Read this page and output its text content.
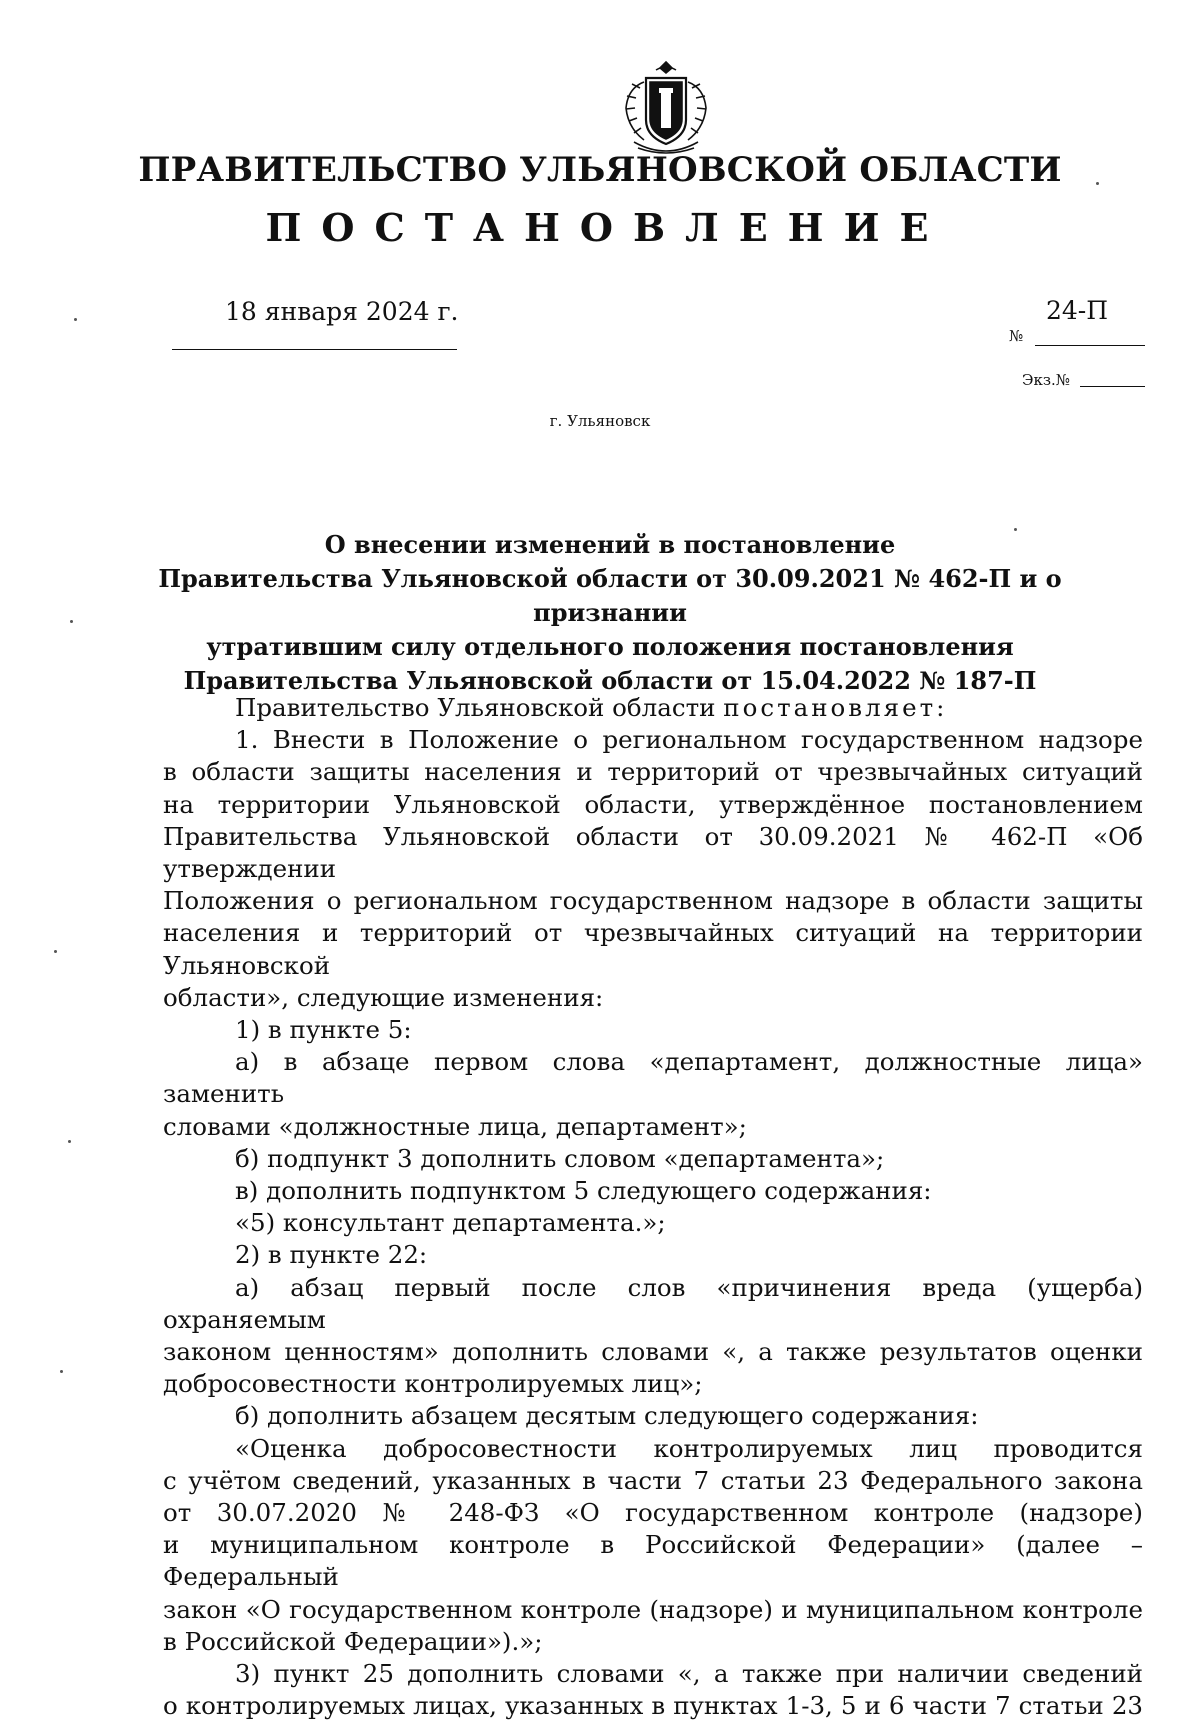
ПРАВИТЕЛЬСТВО УЛЬЯНОВСКОЙ ОБЛАСТИ
ПОСТАНОВЛЕНИЕ
18 января 2024 г.	24-П
№
Экз.№
г. Ульяновск
О внесении изменений в постановление
Правительства Ульяновской области от 30.09.2021 № 462-П и о признании
утратившим силу отдельного положения постановления
Правительства Ульяновской области от 15.04.2022 № 187-П

Правительство Ульяновской области постановляет:

1. Внести в Положение о региональном государственном надзоре

в области защиты населения и территорий от чрезвычайных ситуаций

на территории Ульяновской области, утверждённое постановлением

Правительства Ульяновской области от 30.09.2021 № 462-П «Об утверждении

Положения о региональном государственном надзоре в области защиты

населения и территорий от чрезвычайных ситуаций на территории Ульяновской

области», следующие изменения:

1) в пункте 5:

а) в абзаце первом слова «департамент, должностные лица» заменить

словами «должностные лица, департамент»;

б) подпункт 3 дополнить словом «департамента»;

в) дополнить подпунктом 5 следующего содержания:

«5) консультант департамента.»;

2) в пункте 22:

а) абзац первый после слов «причинения вреда (ущерба) охраняемым

законом ценностям» дополнить словами «, а также результатов оценки

добросовестности контролируемых лиц»;

б) дополнить абзацем десятым следующего содержания:

«Оценка добросовестности контролируемых лиц проводится

с учётом сведений, указанных в части 7 статьи 23 Федерального закона

от 30.07.2020 № 248-ФЗ «О государственном контроле (надзоре)

и муниципальном контроле в Российской Федерации» (далее – Федеральный

закон «О государственном контроле (надзоре) и муниципальном контроле

в Российской Федерации»).»;

3) пункт 25 дополнить словами «, а также при наличии сведений

о контролируемых лицах, указанных в пунктах 1-3, 5 и 6 части 7 статьи 23
